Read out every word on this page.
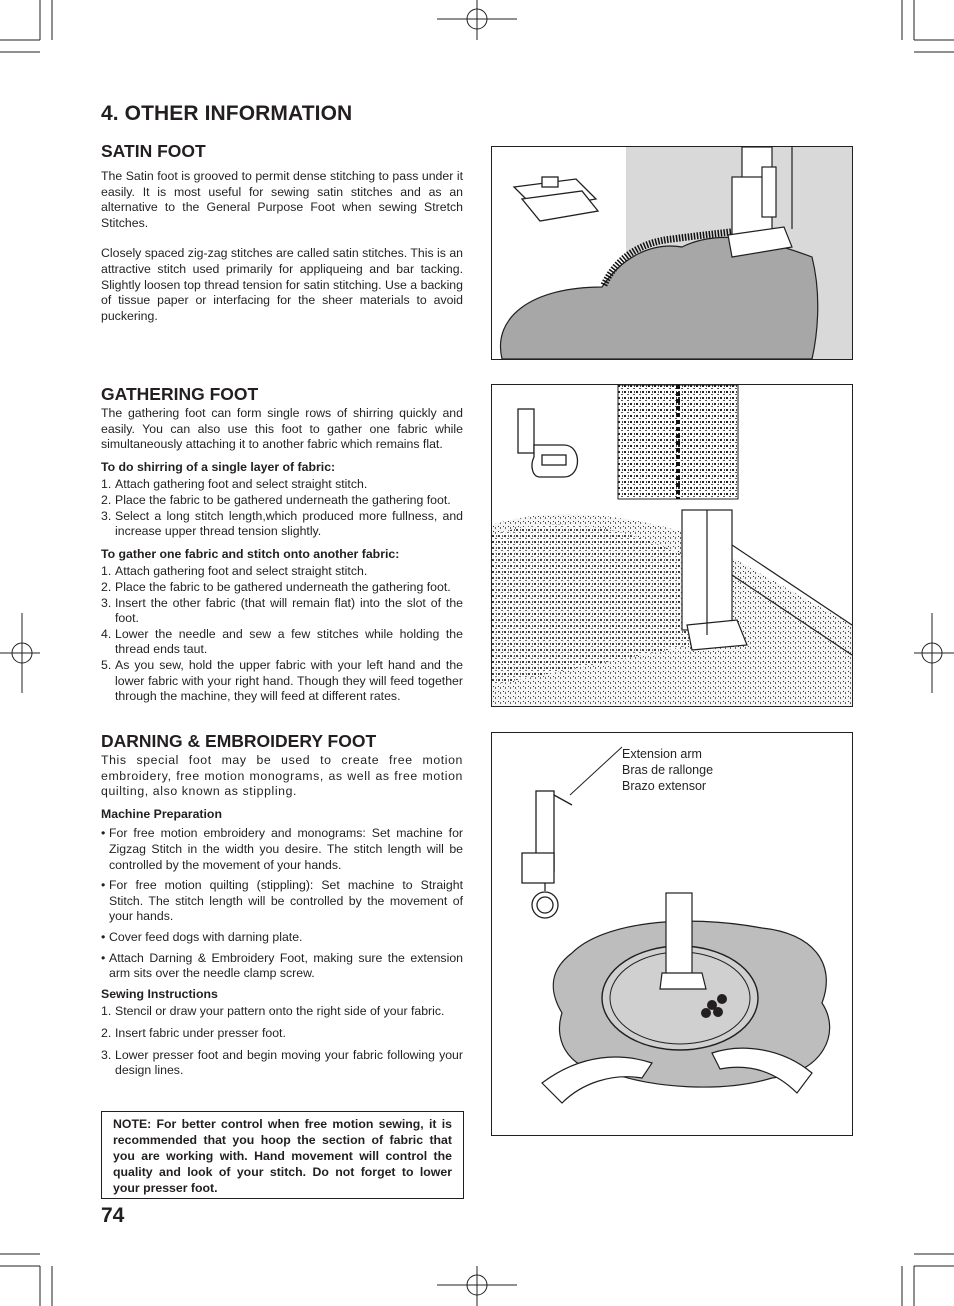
4. OTHER INFORMATION
SATIN FOOT

The Satin foot is grooved to permit dense stitching to pass under it easily. It is most useful for sewing satin stitches and as an alternative to the General Purpose Foot when sewing Stretch Stitches.

Closely spaced zig-zag stitches are called satin stitches. This is an attractive stitch used primarily for appliqueing and bar tacking. Slightly loosen top thread tension for satin stitching. Use a backing of tissue paper or interfacing for the sheer materials to avoid puckering.

GATHERING FOOT

The gathering foot can form single rows of shirring quickly and easily. You can also use this foot to gather one fabric while simultaneously attaching it to another fabric which remains flat.

To do shirring of a single layer of fabric:

1. Attach gathering foot and select straight stitch.
2. Place the fabric to be gathered underneath the gathering foot.
3. Select a long stitch length,which produced more fullness, and increase upper thread tension slightly.

To gather one fabric and stitch onto another fabric:

1. Attach gathering foot and select straight stitch.
2. Place the fabric to be gathered underneath the gathering foot.
3. Insert the other fabric (that will remain flat) into the slot of the foot.
4. Lower the needle and sew a few stitches while holding the thread ends taut.
5. As you sew, hold the upper fabric with your left hand and the lower fabric with your right hand. Though they will feed together through the machine, they will feed at different rates.
DARNING & EMBROIDERY FOOT

This special foot may be used to create free motion embroidery, free motion monograms, as well as free motion quilting, also known as stippling.

Machine Preparation

• For free motion embroidery and monograms: Set machine for Zigzag Stitch in the width you desire. The stitch length will be controlled by the movement of your hands.
• For free motion quilting (stippling): Set machine to Straight Stitch. The stitch length will be controlled by the movement of your hands.
• Cover feed dogs with darning plate.
• Attach Darning & Embroidery Foot, making sure the extension arm sits over the needle clamp screw.

Sewing Instructions

1. Stencil or draw your pattern onto the right side of your fabric.
2. Insert fabric under presser foot.
3. Lower presser foot and begin moving your fabric following your design lines.
NOTE: For better control when free motion sewing, it is recommended that you hoop the section of fabric that you are working with. Hand movement will control the quality and look of your stitch. Do not forget to lower your presser foot.
Extension arm
Bras de rallonge
Brazo extensor
74
